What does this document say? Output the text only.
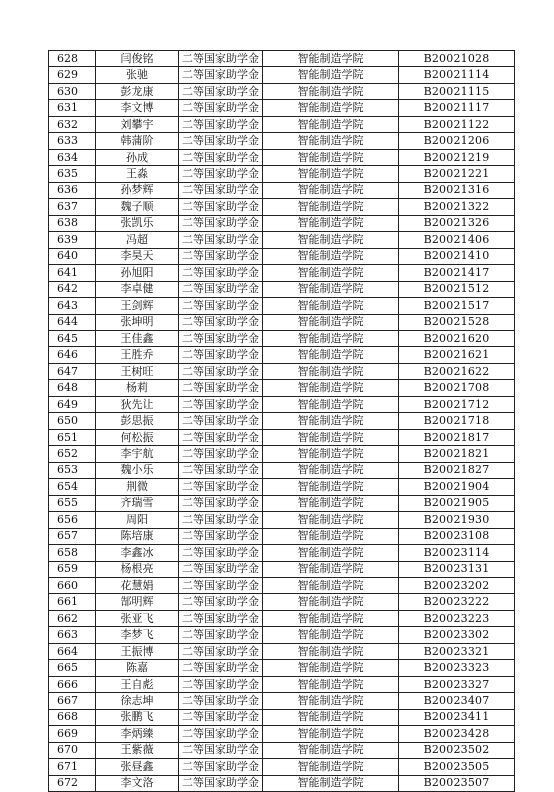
628	闫俊铭	二等国家助学金	智能制造学院	B20021028
629	张驰	二等国家助学金	智能制造学院	B20021114
630	彭龙康	二等国家助学金	智能制造学院	B20021115
631	李文博	二等国家助学金	智能制造学院	B20021117
632	刘攀宇	二等国家助学金	智能制造学院	B20021122
633	韩蒲阶	二等国家助学金	智能制造学院	B20021206
634	孙成	二等国家助学金	智能制造学院	B20021219
635	王淼	二等国家助学金	智能制造学院	B20021221
636	孙梦辉	二等国家助学金	智能制造学院	B20021316
637	魏子顺	二等国家助学金	智能制造学院	B20021322
638	张凯乐	二等国家助学金	智能制造学院	B20021326
639	冯超	二等国家助学金	智能制造学院	B20021406
640	李昊天	二等国家助学金	智能制造学院	B20021410
641	孙旭阳	二等国家助学金	智能制造学院	B20021417
642	李卓健	二等国家助学金	智能制造学院	B20021512
643	王剑辉	二等国家助学金	智能制造学院	B20021517
644	张坤明	二等国家助学金	智能制造学院	B20021528
645	王佳鑫	二等国家助学金	智能制造学院	B20021620
646	王胜乔	二等国家助学金	智能制造学院	B20021621
647	王树旺	二等国家助学金	智能制造学院	B20021622
648	杨莉	二等国家助学金	智能制造学院	B20021708
649	狄先让	二等国家助学金	智能制造学院	B20021712
650	彭思振	二等国家助学金	智能制造学院	B20021718
651	何松振	二等国家助学金	智能制造学院	B20021817
652	李宇航	二等国家助学金	智能制造学院	B20021821
653	魏小乐	二等国家助学金	智能制造学院	B20021827
654	荆微	二等国家助学金	智能制造学院	B20021904
655	齐瑞雪	二等国家助学金	智能制造学院	B20021905
656	周阳	二等国家助学金	智能制造学院	B20021930
657	陈培康	二等国家助学金	智能制造学院	B20023108
658	李鑫冰	二等国家助学金	智能制造学院	B20023114
659	杨根亮	二等国家助学金	智能制造学院	B20023131
660	花慧娟	二等国家助学金	智能制造学院	B20023202
661	郜明辉	二等国家助学金	智能制造学院	B20023222
662	张亚飞	二等国家助学金	智能制造学院	B20023223
663	李梦飞	二等国家助学金	智能制造学院	B20023302
664	王振博	二等国家助学金	智能制造学院	B20023321
665	陈嘉	二等国家助学金	智能制造学院	B20023323
666	王自彪	二等国家助学金	智能制造学院	B20023327
667	徐志坤	二等国家助学金	智能制造学院	B20023407
668	张鹏飞	二等国家助学金	智能制造学院	B20023411
669	李炳臻	二等国家助学金	智能制造学院	B20023428
670	王紫薇	二等国家助学金	智能制造学院	B20023502
671	张昼鑫	二等国家助学金	智能制造学院	B20023505
672	李文洛	二等国家助学金	智能制造学院	B20023507
